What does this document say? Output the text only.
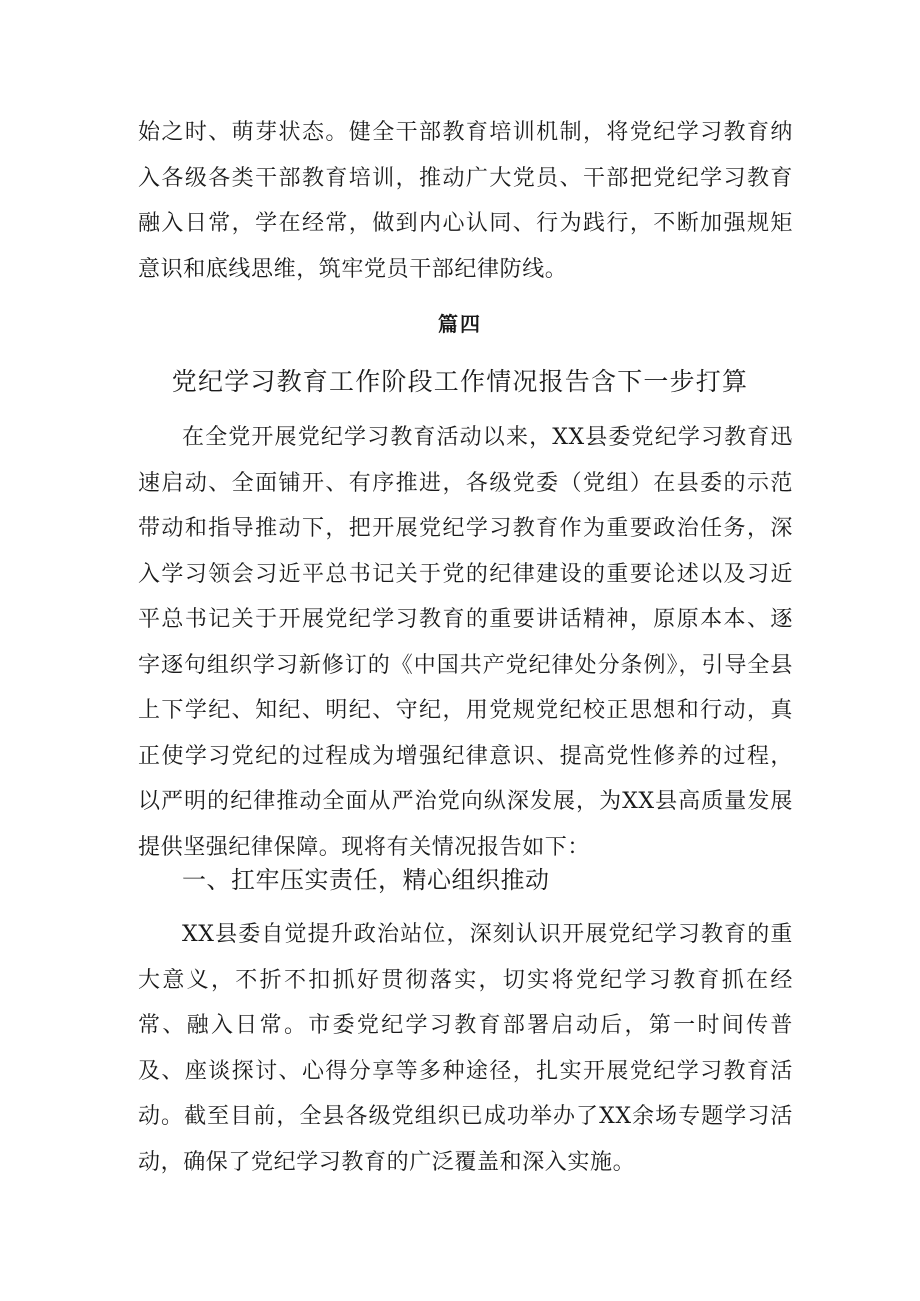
始之时、萌芽状态。健全干部教育培训机制，将党纪学习教育纳入各级各类干部教育培训，推动广大党员、干部把党纪学习教育融入日常，学在经常，做到内心认同、行为践行，不断加强规矩意识和底线思维，筑牢党员干部纪律防线。

篇四

党纪学习教育工作阶段工作情况报告含下一步打算

在全党开展党纪学习教育活动以来，XX县委党纪学习教育迅速启动、全面铺开、有序推进，各级党委（党组）在县委的示范带动和指导推动下，把开展党纪学习教育作为重要政治任务，深入学习领会习近平总书记关于党的纪律建设的重要论述以及习近平总书记关于开展党纪学习教育的重要讲话精神，原原本本、逐字逐句组织学习新修订的《中国共产党纪律处分条例》，引导全县上下学纪、知纪、明纪、守纪，用党规党纪校正思想和行动，真正使学习党纪的过程成为增强纪律意识、提高党性修养的过程，以严明的纪律推动全面从严治党向纵深发展，为XX县高质量发展提供坚强纪律保障。现将有关情况报告如下：

一、扛牢压实责任，精心组织推动

XX县委自觉提升政治站位，深刻认识开展党纪学习教育的重大意义，不折不扣抓好贯彻落实，切实将党纪学习教育抓在经常、融入日常。市委党纪学习教育部署启动后，第一时间传普及、座谈探讨、心得分享等多种途径，扎实开展党纪学习教育活动。截至目前，全县各级党组织已成功举办了XX余场专题学习活动，确保了党纪学习教育的广泛覆盖和深入实施。
